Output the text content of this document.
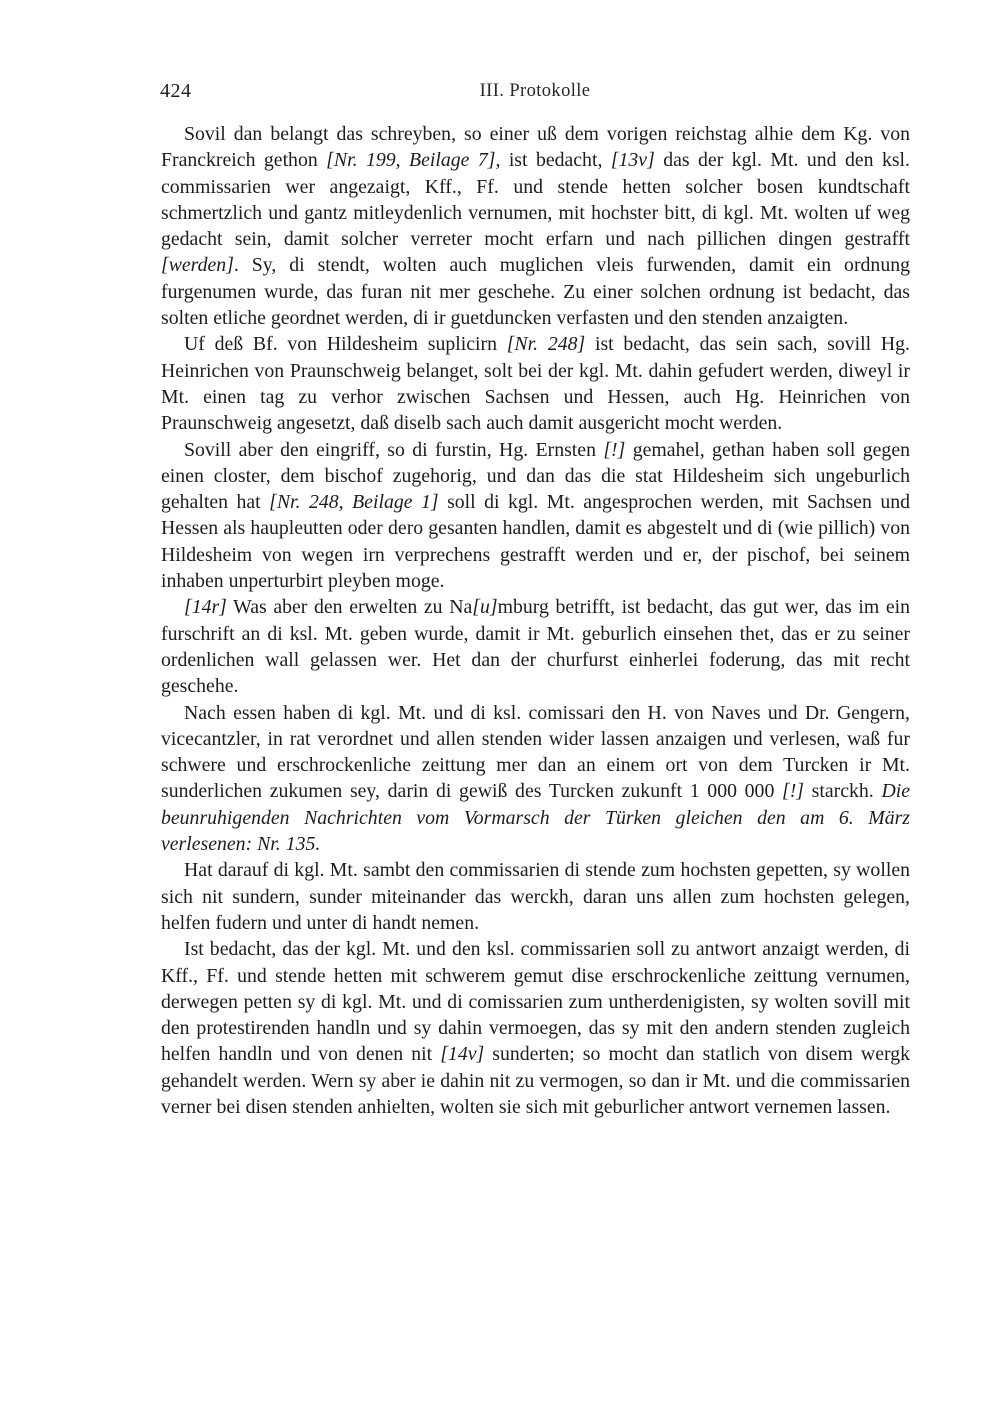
424	III. Protokolle

Sovil dan belangt das schreyben, so einer uß dem vorigen reichstag alhie dem Kg. von Franckreich gethon [Nr. 199, Beilage 7], ist bedacht, [13v] das der kgl. Mt. und den ksl. commissarien wer angezaigt, Kff., Ff. und stende hetten solcher bosen kundtschaft schmertzlich und gantz mitleydenlich vernumen, mit hochster bitt, di kgl. Mt. wolten uf weg gedacht sein, damit solcher verreter mocht erfarn und nach pillichen dingen gestrafft [werden]. Sy, di stendt, wolten auch muglichen vleis furwenden, damit ein ordnung furgenumen wurde, das furan nit mer geschehe. Zu einer solchen ordnung ist bedacht, das solten etliche geordnet werden, di ir guetduncken verfasten und den stenden anzaigten.

Uf deß Bf. von Hildesheim suplicirn [Nr. 248] ist bedacht, das sein sach, sovill Hg. Heinrichen von Praunschweig belanget, solt bei der kgl. Mt. dahin gefudert werden, diweyl ir Mt. einen tag zu verhor zwischen Sachsen und Hessen, auch Hg. Heinrichen von Praunschweig angesetzt, daß diselb sach auch damit ausgericht mocht werden.

Sovill aber den eingriff, so di furstin, Hg. Ernsten [!] gemahel, gethan haben soll gegen einen closter, dem bischof zugehorig, und dan das die stat Hildesheim sich ungeburlich gehalten hat [Nr. 248, Beilage 1] soll di kgl. Mt. angesprochen werden, mit Sachsen und Hessen als haupleutten oder dero gesanten handlen, damit es abgestelt und di (wie pillich) von Hildesheim von wegen irn verprechens gestrafft werden und er, der pischof, bei seinem inhaben unperturbirt pleyben moge.

[14r] Was aber den erwelten zu Na[u]mburg betrifft, ist bedacht, das gut wer, das im ein furschrift an di ksl. Mt. geben wurde, damit ir Mt. geburlich einsehen thet, das er zu seiner ordenlichen wall gelassen wer. Het dan der churfurst einherlei foderung, das mit recht geschehe.

Nach essen haben di kgl. Mt. und di ksl. comissari den H. von Naves und Dr. Gengern, vicecantzler, in rat verordnet und allen stenden wider lassen anzaigen und verlesen, waß fur schwere und erschrockenliche zeittung mer dan an einem ort von dem Turcken ir Mt. sunderlichen zukumen sey, darin di gewiß des Turcken zukunft 1 000 000 [!] starckh. Die beunruhigenden Nachrichten vom Vormarsch der Türken gleichen den am 6. März verlesenen: Nr. 135.

Hat darauf di kgl. Mt. sambt den commissarien di stende zum hochsten gepetten, sy wollen sich nit sundern, sunder miteinander das werckh, daran uns allen zum hochsten gelegen, helfen fudern und unter di handt nemen.

Ist bedacht, das der kgl. Mt. und den ksl. commissarien soll zu antwort anzaigt werden, di Kff., Ff. und stende hetten mit schwerem gemut dise erschrockenliche zeittung vernumen, derwegen petten sy di kgl. Mt. und di comissarien zum untherdenigisten, sy wolten sovill mit den protestirenden handln und sy dahin vermoegen, das sy mit den andern stenden zugleich helfen handln und von denen nit [14v] sunderten; so mocht dan statlich von disem wergk gehandelt werden. Wern sy aber ie dahin nit zu vermogen, so dan ir Mt. und die commissarien verner bei disen stenden anhielten, wolten sie sich mit geburlicher antwort vernemen lassen.
